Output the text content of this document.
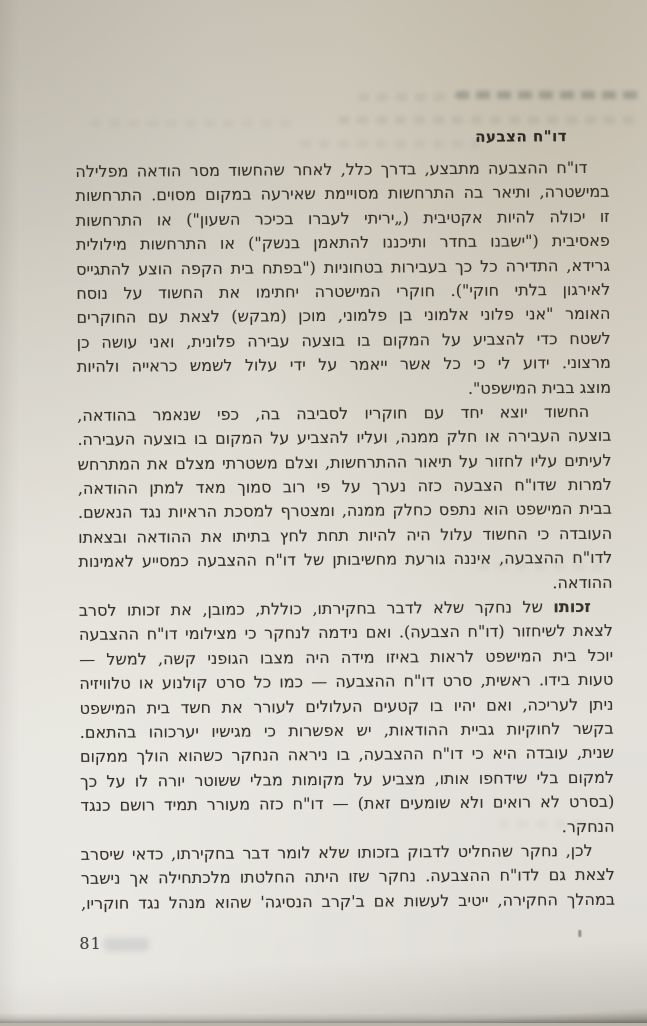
דו"ח הצבעה
דו"ח ההצבעה מתבצע, בדרך כלל, לאחר שהחשוד מסר הודאה מפלילה
במישטרה, ותיאר בה התרחשות מסויימת שאירעה במקום מסוים. התרחשות
זו יכולה להיות אקטיבית („יריתי לעברו בכיכר השעון") או התרחשות
פאסיבית ("ישבנו בחדר ותיכננו להתאמן בנשק") או התרחשות מילולית
גרידא, התדירה כל כך בעבירות בטחוניות ("בפתח בית הקפה הוצע להתגייס
לאירגון בלתי חוקי"). חוקרי המישטרה יחתימו את החשוד על נוסח
האומר "אני פלוני אלמוני בן פלמוני, מוכן (מבקש) לצאת עם החוקרים
לשטח כדי להצביע על המקום בו בוצעה עבירה פלונית, ואני עושה כן
מרצוני. ידוע לי כי כל אשר ייאמר על ידי עלול לשמש כראייה ולהיות
מוצג בבית המישפט".
החשוד יוצא יחד עם חוקריו לסביבה בה, כפי שנאמר בהודאה,
בוצעה העבירה או חלק ממנה, ועליו להצביע על המקום בו בוצעה העבירה.
לעיתים עליו לחזור על תיאור ההתרחשות, וצלם משטרתי מצלם את המתרחש
למרות שדו"ח הצבעה כזה נערך על פי רוב סמוך מאד למתן ההודאה,
בבית המישפט הוא נתפס כחלק ממנה, ומצטרף למסכת הראיות נגד הנאשם.
העובדה כי החשוד עלול היה להיות תחת לחץ בתיתו את ההודאה ובצאתו
לדו"ח ההצבעה, איננה גורעת מחשיבותן של דו"ח ההצבעה כמסייע לאמינות
ההודאה.
זכותו של נחקר שלא לדבר בחקירתו, כוללת, כמובן, את זכותו לסרב
לצאת לשיחזור (דו"ח הצבעה). ואם נידמה לנחקר כי מצילומי דו"ח ההצבעה
יוכל בית המישפט לראות באיזו מידה היה מצבו הגופני קשה, למשל —
טעות בידו. ראשית, סרט דו"ח ההצבעה — כמו כל סרט קולנוע או טלוויזיה
ניתן לעריכה, ואם יהיו בו קטעים העלולים לעורר את חשד בית המישפט
בקשר לחוקיות גביית ההודאות, יש אפשרות כי מגישיו יערכוהו בהתאם.
שנית, עובדה היא כי דו"ח ההצבעה, בו ניראה הנחקר כשהוא הולך ממקום
למקום בלי שידחפו אותו, מצביע על מקומות מבלי ששוטר יורה לו על כך
(בסרט לא רואים ולא שומעים זאת) — דו"ח כזה מעורר תמיד רושם כנגד
הנחקר.
לכן, נחקר שהחליט לדבוק בזכותו שלא לומר דבר בחקירתו, כדאי שיסרב
לצאת גם לדו"ח ההצבעה. נחקר שזו היתה החלטתו מלכתחילה אך נישבר
במהלך החקירה, ייטיב לעשות אם ב'קרב הנסיגה' שהוא מנהל נגד חוקריו,
81
